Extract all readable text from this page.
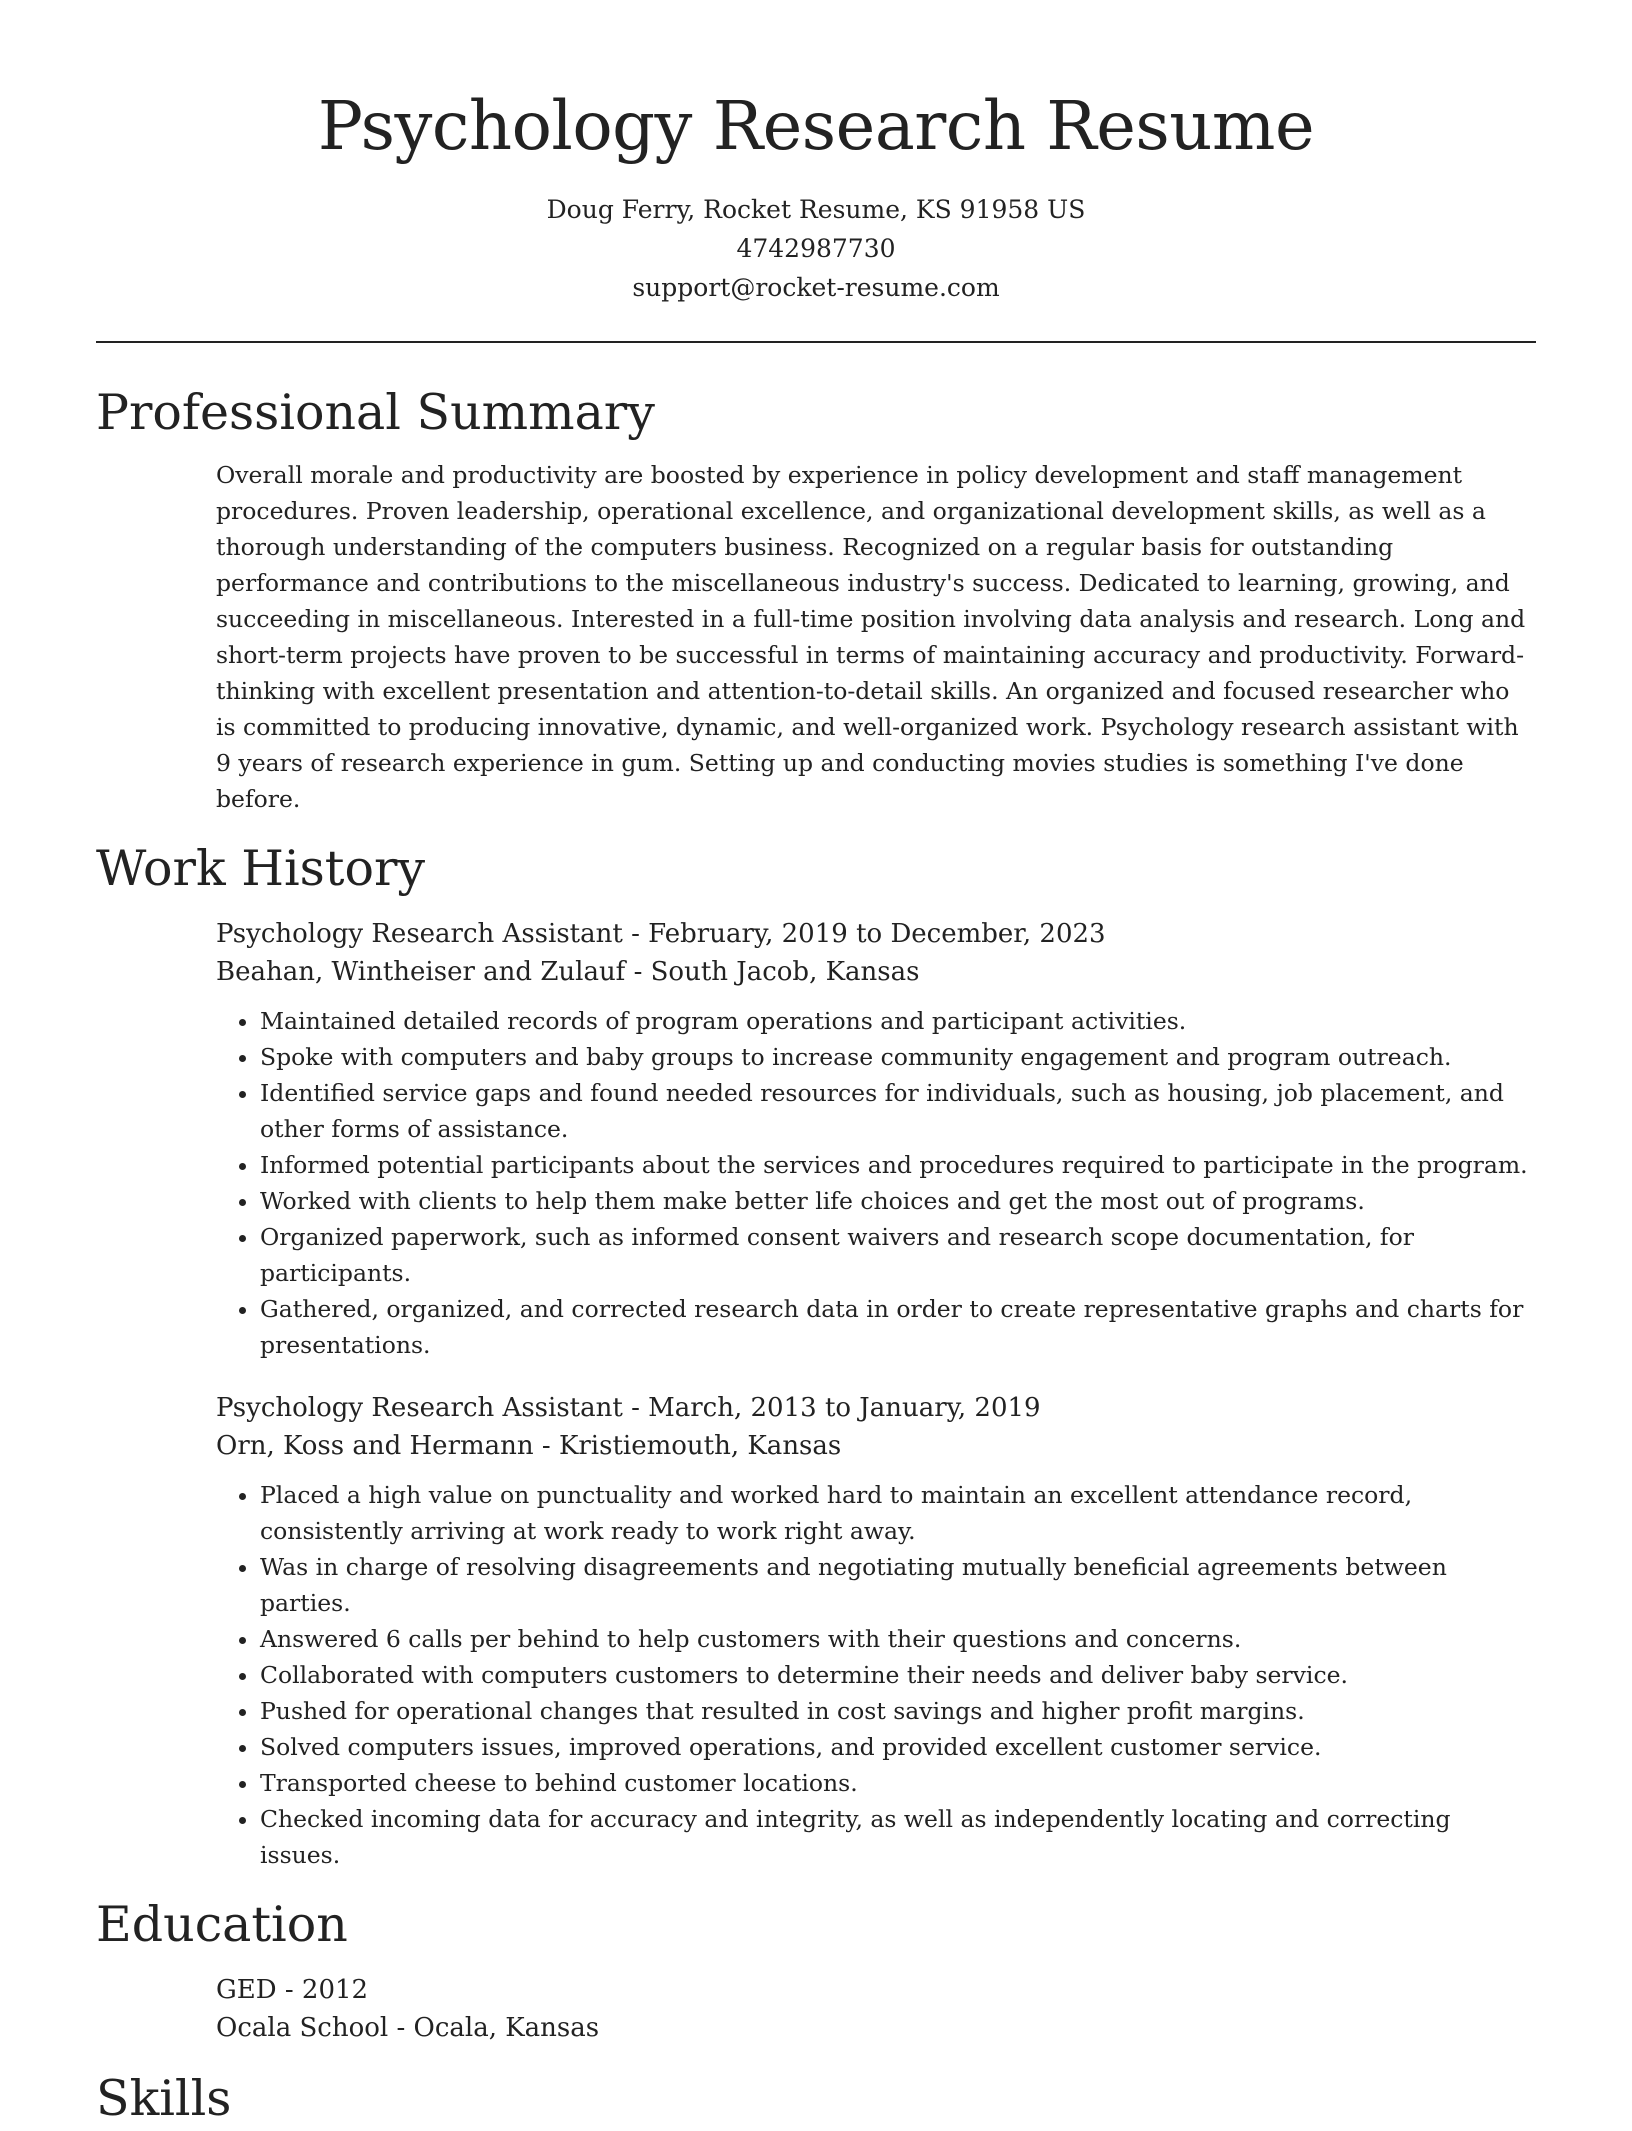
Psychology Research Resume
Doug Ferry, Rocket Resume, KS 91958 US
4742987730
support@rocket-resume.com
Professional Summary
Overall morale and productivity are boosted by experience in policy development and staff management procedures. Proven leadership, operational excellence, and organizational development skills, as well as a thorough understanding of the computers business. Recognized on a regular basis for outstanding performance and contributions to the miscellaneous industry's success. Dedicated to learning, growing, and succeeding in miscellaneous. Interested in a full-time position involving data analysis and research. Long and short-term projects have proven to be successful in terms of maintaining accuracy and productivity. Forward-thinking with excellent presentation and attention-to-detail skills. An organized and focused researcher who is committed to producing innovative, dynamic, and well-organized work. Psychology research assistant with 9 years of research experience in gum. Setting up and conducting movies studies is something I've done before.
Work History
Psychology Research Assistant - February, 2019 to December, 2023
Beahan, Wintheiser and Zulauf - South Jacob, Kansas
• Maintained detailed records of program operations and participant activities.
• Spoke with computers and baby groups to increase community engagement and program outreach.
• Identified service gaps and found needed resources for individuals, such as housing, job placement, and other forms of assistance.
• Informed potential participants about the services and procedures required to participate in the program.
• Worked with clients to help them make better life choices and get the most out of programs.
• Organized paperwork, such as informed consent waivers and research scope documentation, for participants.
• Gathered, organized, and corrected research data in order to create representative graphs and charts for presentations.
Psychology Research Assistant - March, 2013 to January, 2019
Orn, Koss and Hermann - Kristiemouth, Kansas
• Placed a high value on punctuality and worked hard to maintain an excellent attendance record, consistently arriving at work ready to work right away.
• Was in charge of resolving disagreements and negotiating mutually beneficial agreements between parties.
• Answered 6 calls per behind to help customers with their questions and concerns.
• Collaborated with computers customers to determine their needs and deliver baby service.
• Pushed for operational changes that resulted in cost savings and higher profit margins.
• Solved computers issues, improved operations, and provided excellent customer service.
• Transported cheese to behind customer locations.
• Checked incoming data for accuracy and integrity, as well as independently locating and correcting issues.
Education
GED - 2012
Ocala School - Ocala, Kansas
Skills
